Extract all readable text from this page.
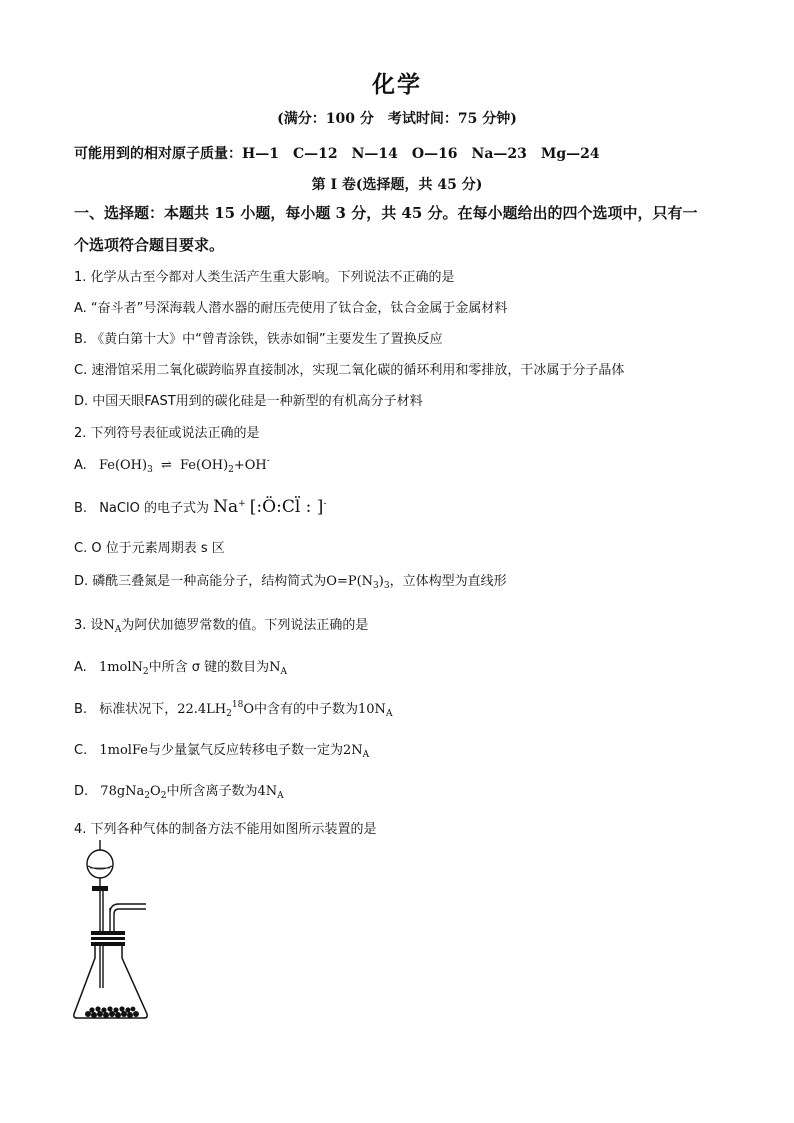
化学
(满分：100 分　考试时间：75 分钟)
可能用到的相对原子质量：H—1　C—12　N—14　O—16　Na—23　Mg—24
第 I 卷(选择题，共 45 分)
一、选择题：本题共 15 小题，每小题 3 分，共 45 分。在每小题给出的四个选项中，只有一
个选项符合题目要求。
1. 化学从古至今都对人类生活产生重大影响。下列说法不正确的是
A. “奋斗者”号深海载人潜水器的耐压壳使用了钛合金，钛合金属于金属材料
B. 《黄白第十大》中“曾青涂铁，铁赤如铜”主要发生了置换反应
C. 速滑馆采用二氧化碳跨临界直接制冰，实现二氧化碳的循环利用和零排放，干冰属于分子晶体
D. 中国天眼FAST用到的碳化硅是一种新型的有机高分子材料
2. 下列符号表征或说法正确的是
A. $Fe(OH)_3$ ⇌ $Fe(OH)_2+OH^-$
B. NaClO 的电子式为 Na+ [:Ö:Cl̈ : ]-
C. O 位于元素周期表 s 区
D. 磷酰三叠氮是一种高能分子，结构简式为$O=P(N_3)_3$，立体构型为直线形
3. 设$N_A$为阿伏加德罗常数的值。下列说法正确的是
A. 1molN$_2$中所含 σ 键的数目为$N_A$
B. 标准状况下，$22.4LH_2^{18}O$中含有的中子数为$10N_A$
C. 1molFe与少量氯气反应转移电子数一定为$2N_A$
D. $78gNa_2O_2$中所含离子数为$4N_A$
4. 下列各种气体的制备方法不能用如图所示装置的是
